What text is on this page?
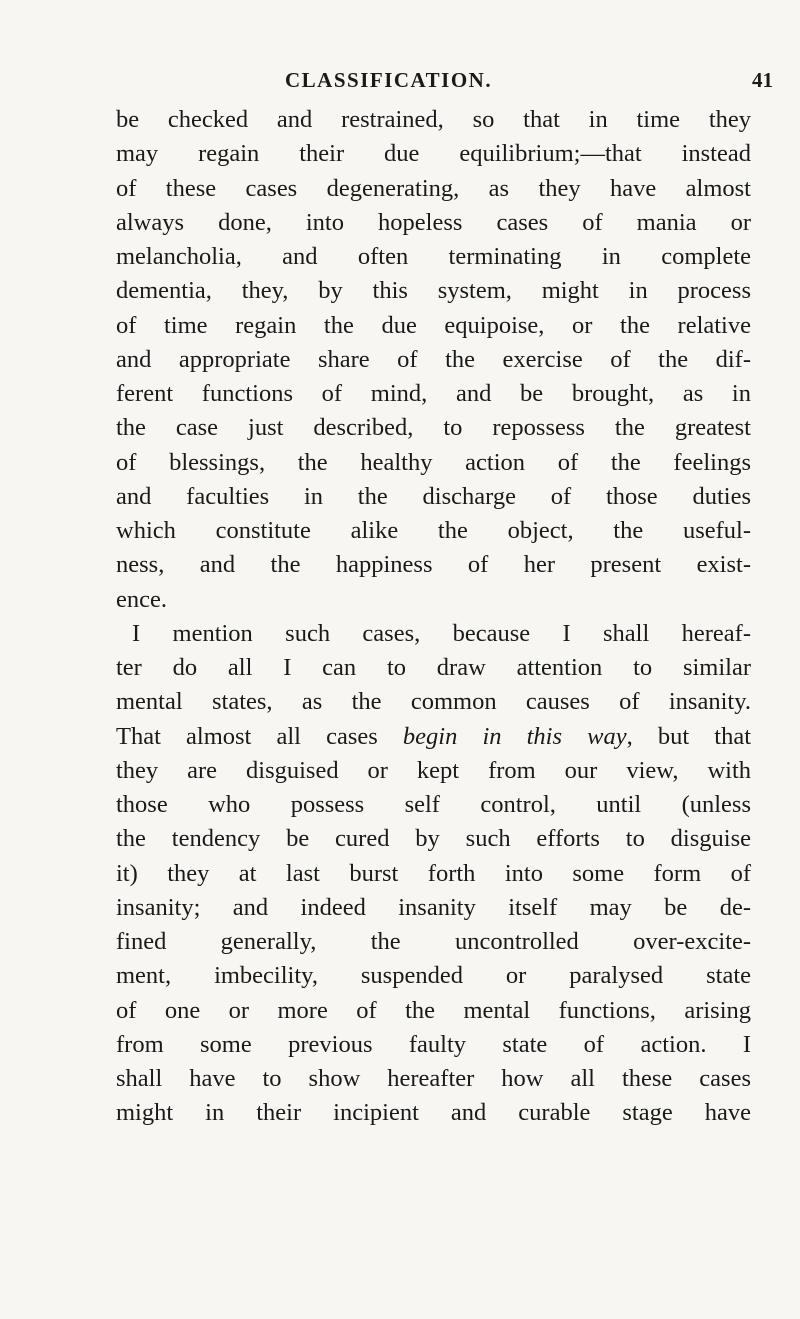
CLASSIFICATION.	41
be checked and restrained, so that in time they
may regain their due equilibrium;—that instead
of these cases degenerating, as they have almost
always done, into hopeless cases of mania or
melancholia, and often terminating in complete
dementia, they, by this system, might in process
of time regain the due equipoise, or the relative
and appropriate share of the exercise of the dif-
ferent functions of mind, and be brought, as in
the case just described, to repossess the greatest
of blessings, the healthy action of the feelings
and faculties in the discharge of those duties
which constitute alike the object, the useful-
ness, and the happiness of her present exist-
ence.
I mention such cases, because I shall hereaf-
ter do all I can to draw attention to similar
mental states, as the common causes of insanity.
That almost all cases begin in this way, but that
they are disguised or kept from our view, with
those who possess self control, until (unless
the tendency be cured by such efforts to disguise
it) they at last burst forth into some form of
insanity; and indeed insanity itself may be de-
fined generally, the uncontrolled over-excite-
ment, imbecility, suspended or paralysed state
of one or more of the mental functions, arising
from some previous faulty state of action. I
shall have to show hereafter how all these cases
might in their incipient and curable stage have
